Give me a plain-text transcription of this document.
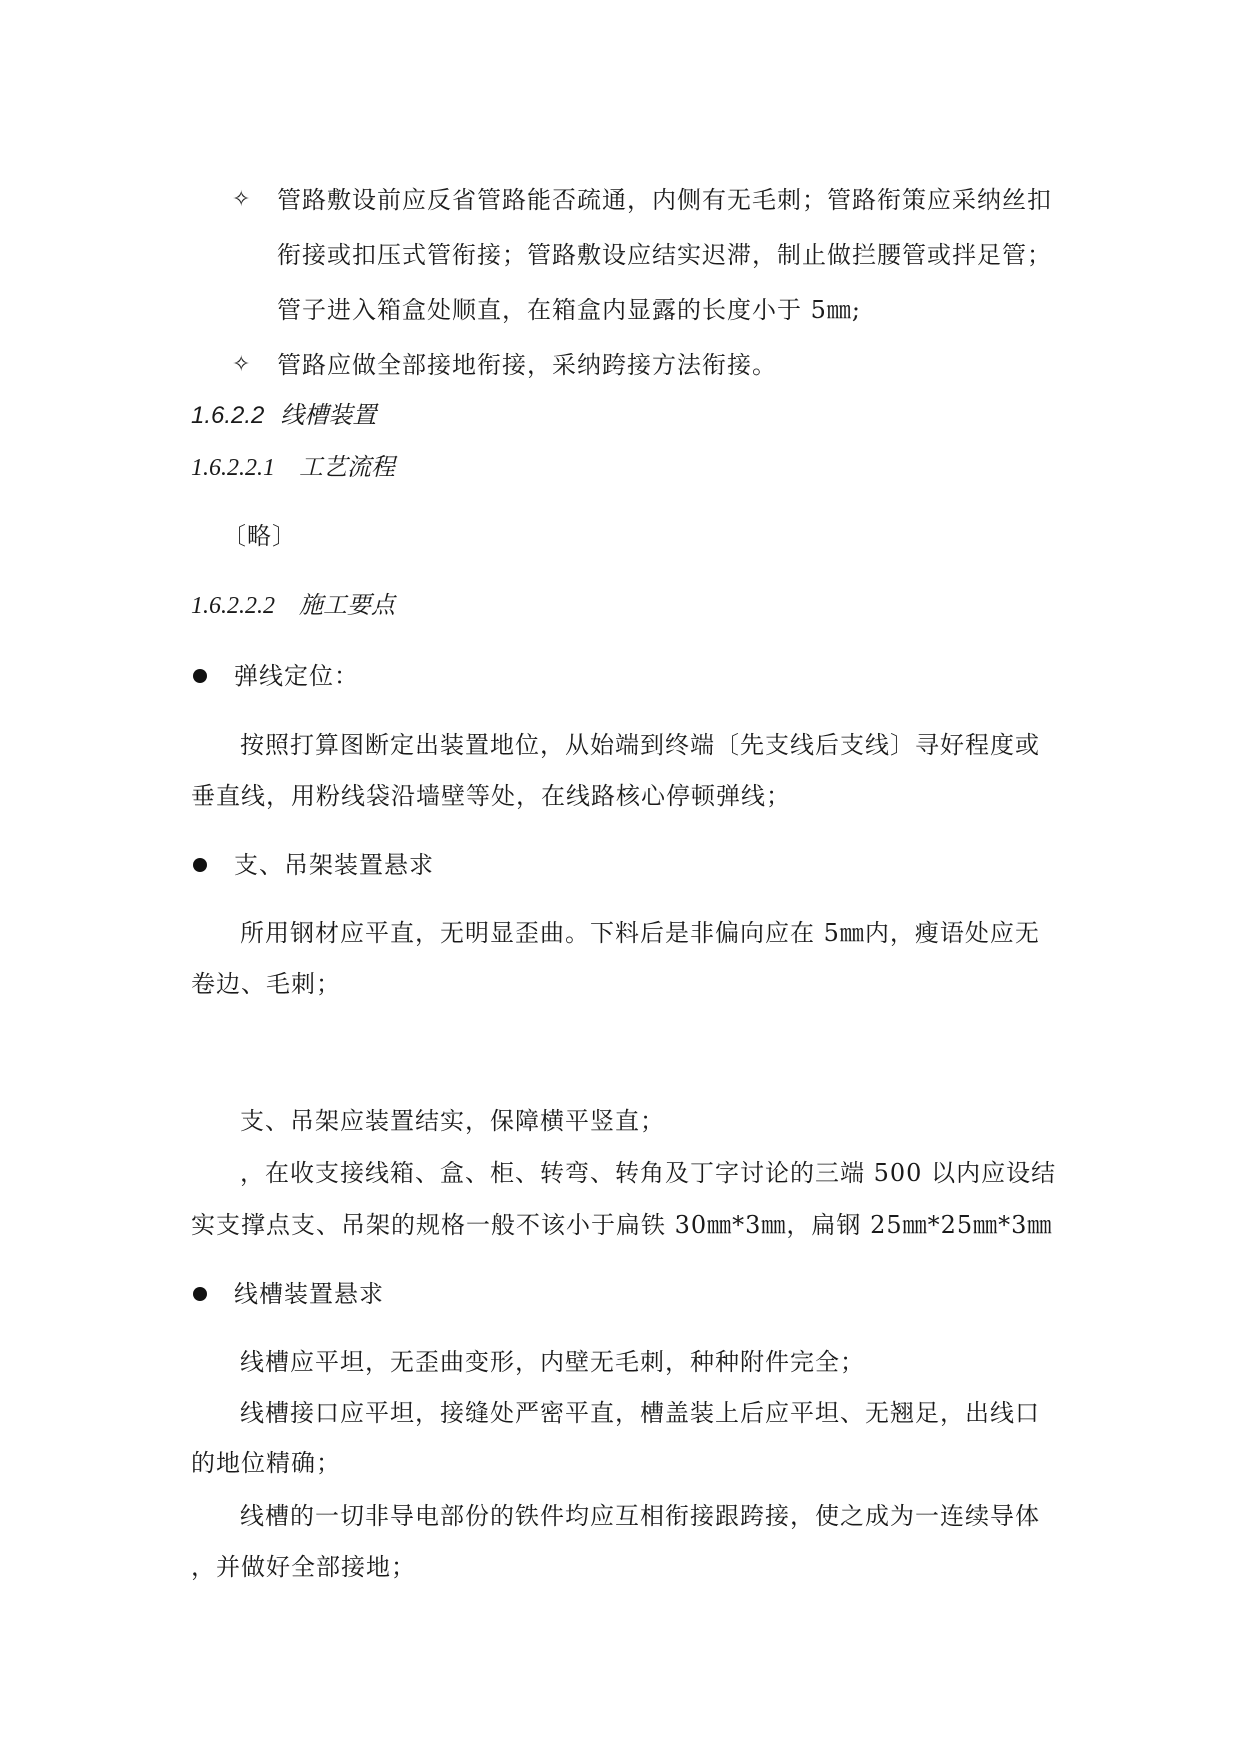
✧ 管路敷设前应反省管路能否疏通，内侧有无毛刺；管路衔策应采纳丝扣
衔接或扣压式管衔接；管路敷设应结实迟滞，制止做拦腰管或拌足管；
管子进入箱盒处顺直，在箱盒内显露的长度小于 5㎜;
✧ 管路应做全部接地衔接，采纳跨接方法衔接。
1.6.2.2 线槽装置
1.6.2.2.1 工艺流程
〔略〕
1.6.2.2.2 施工要点
弹线定位：
按照打算图断定出装置地位，从始端到终端〔先支线后支线〕寻好程度或
垂直线，用粉线袋沿墙壁等处，在线路核心停顿弹线；
支、吊架装置悬求
所用钢材应平直，无明显歪曲。下料后是非偏向应在 5㎜内，瘦语处应无
卷边、毛刺；
支、吊架应装置结实，保障横平竖直；
，在收支接线箱、盒、柜、转弯、转角及丁字讨论的三端 500 以内应设结
实支撑点支、吊架的规格一般不该小于扁铁 30㎜*3㎜，扁钢 25㎜*25㎜*3㎜
线槽装置悬求
线槽应平坦，无歪曲变形，内壁无毛刺，种种附件完全；
线槽接口应平坦，接缝处严密平直，槽盖装上后应平坦、无翘足，出线口
的地位精确；
线槽的一切非导电部份的铁件均应互相衔接跟跨接，使之成为一连续导体
，并做好全部接地；
